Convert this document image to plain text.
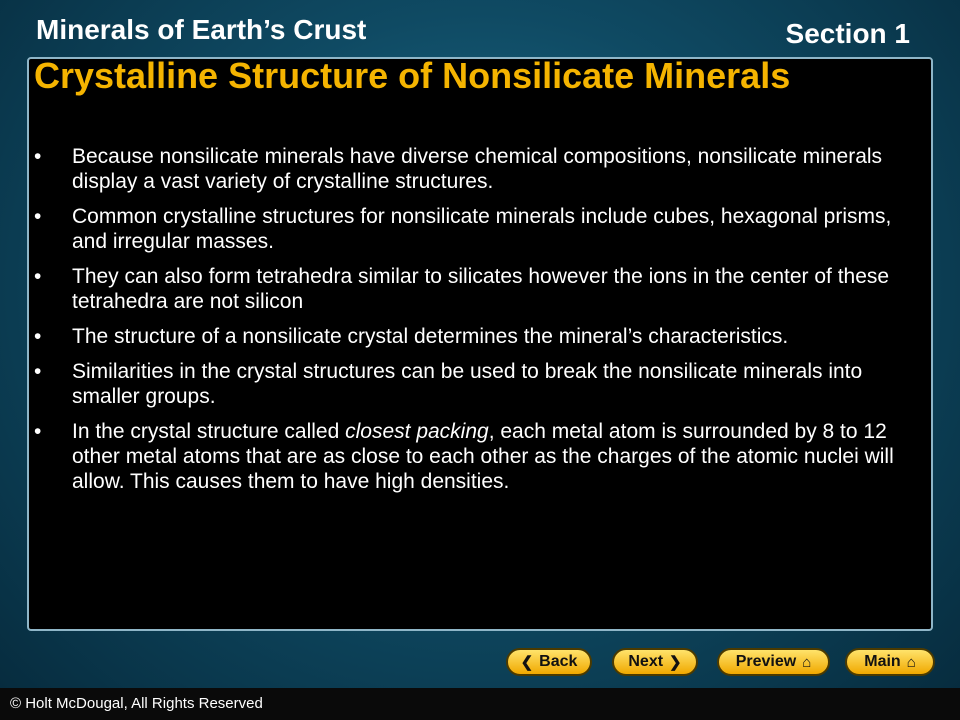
Minerals of Earth’s Crust	Section 1
Crystalline Structure of Nonsilicate Minerals
• Because nonsilicate minerals have diverse chemical compositions, nonsilicate minerals display a vast variety of crystalline structures.
• Common crystalline structures for nonsilicate minerals include cubes, hexagonal prisms, and irregular masses.
• They can also form tetrahedra similar to silicates however the ions in the center of these tetrahedra are not silicon
• The structure of a nonsilicate crystal determines the mineral’s characteristics.
• Similarities in the crystal structures can be used to break the nonsilicate minerals into smaller groups.
• In the crystal structure called closest packing, each metal atom is surrounded by 8 to 12 other metal atoms that are as close to each other as the charges of the atomic nuclei will allow. This causes them to have high densities.
❮ Back	Next ❯	Preview ⌂	Main ⌂
© Holt McDougal, All Rights Reserved
